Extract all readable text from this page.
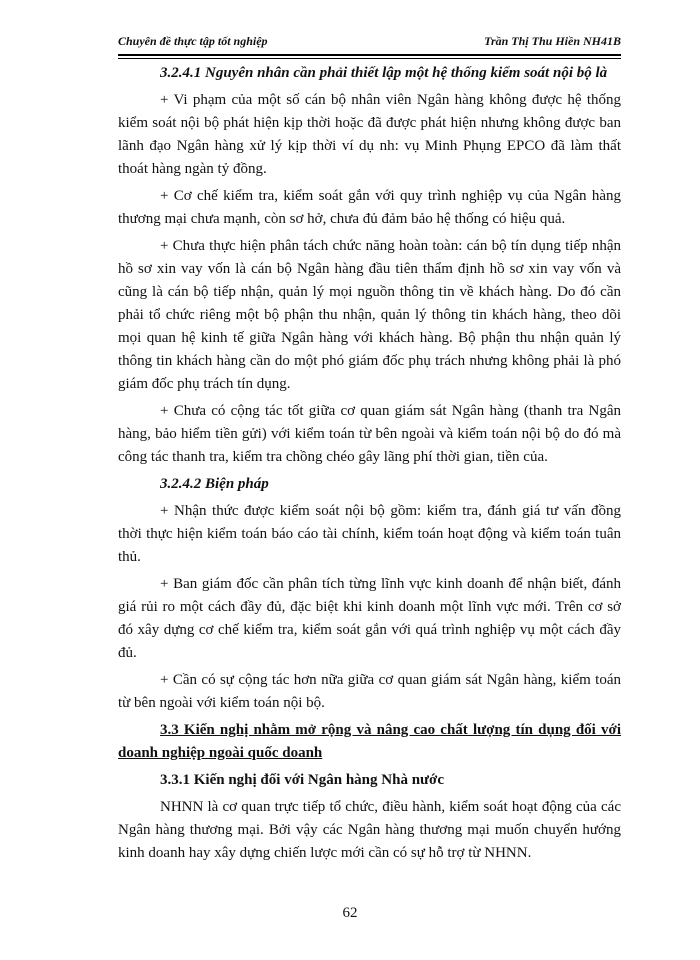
Chuyên đề thực tập tốt nghiệp	Trần Thị Thu Hiền NH41B

3.2.4.1 Nguyên nhân cần phải thiết lập một hệ thống kiểm soát nội bộ là

+ Vi phạm của một số cán bộ nhân viên Ngân hàng không được hệ thống kiểm soát nội bộ phát hiện kịp thời hoặc đã được phát hiện nhưng không được ban lãnh đạo Ngân hàng xử lý kịp thời ví dụ nh: vụ Minh Phụng EPCO đã làm thất thoát hàng ngàn tỷ đồng.

+ Cơ chế kiểm tra, kiểm soát gắn với quy trình nghiệp vụ của Ngân hàng thương mại chưa mạnh, còn sơ hở, chưa đủ đảm bảo hệ thống có hiệu quả.

+ Chưa thực hiện phân tách chức năng hoàn toàn: cán bộ tín dụng tiếp nhận hồ sơ xin vay vốn là cán bộ Ngân hàng đầu tiên thẩm định hồ sơ xin vay vốn và cũng là cán bộ tiếp nhận, quản lý mọi nguồn thông tin về khách hàng. Do đó cần phải tổ chức riêng một bộ phận thu nhận, quản lý thông tin khách hàng, theo dõi mọi quan hệ kinh tế giữa Ngân hàng với khách hàng. Bộ phận thu nhận quản lý thông tin khách hàng cần do một phó giám đốc phụ trách nhưng không phải là phó giám đốc phụ trách tín dụng.

+ Chưa có cộng tác tốt giữa cơ quan giám sát Ngân hàng (thanh tra Ngân hàng, bảo hiểm tiền gửi) với kiểm toán từ bên ngoài và kiểm toán nội bộ do đó mà công tác thanh tra, kiểm tra chồng chéo gây lãng phí thời gian, tiền của.

3.2.4.2 Biện pháp

+ Nhận thức được kiểm soát nội bộ gồm: kiểm tra, đánh giá tư vấn đồng thời thực hiện kiểm toán báo cáo tài chính, kiểm toán hoạt động và kiểm toán tuân thủ.

+ Ban giám đốc cần phân tích từng lĩnh vực kinh doanh để nhận biết, đánh giá rủi ro một cách đầy đủ, đặc biệt khi kinh doanh một lĩnh vực mới. Trên cơ sở đó xây dựng cơ chế kiểm tra, kiểm soát gắn với quá trình nghiệp vụ một cách đầy đủ.

+ Cần có sự cộng tác hơn nữa giữa cơ quan giám sát Ngân hàng, kiểm toán từ bên ngoài với kiểm toán nội bộ.

3.3 Kiến nghị nhằm mở rộng và nâng cao chất lượng tín dụng đối với doanh nghiệp ngoài quốc doanh

3.3.1 Kiến nghị đối với Ngân hàng Nhà nước

NHNN là cơ quan trực tiếp tổ chức, điều hành, kiểm soát hoạt động của các Ngân hàng thương mại. Bởi vậy các Ngân hàng thương mại muốn chuyển hướng kinh doanh hay xây dựng chiến lược mới cần có sự hỗ trợ từ NHNN.

62
